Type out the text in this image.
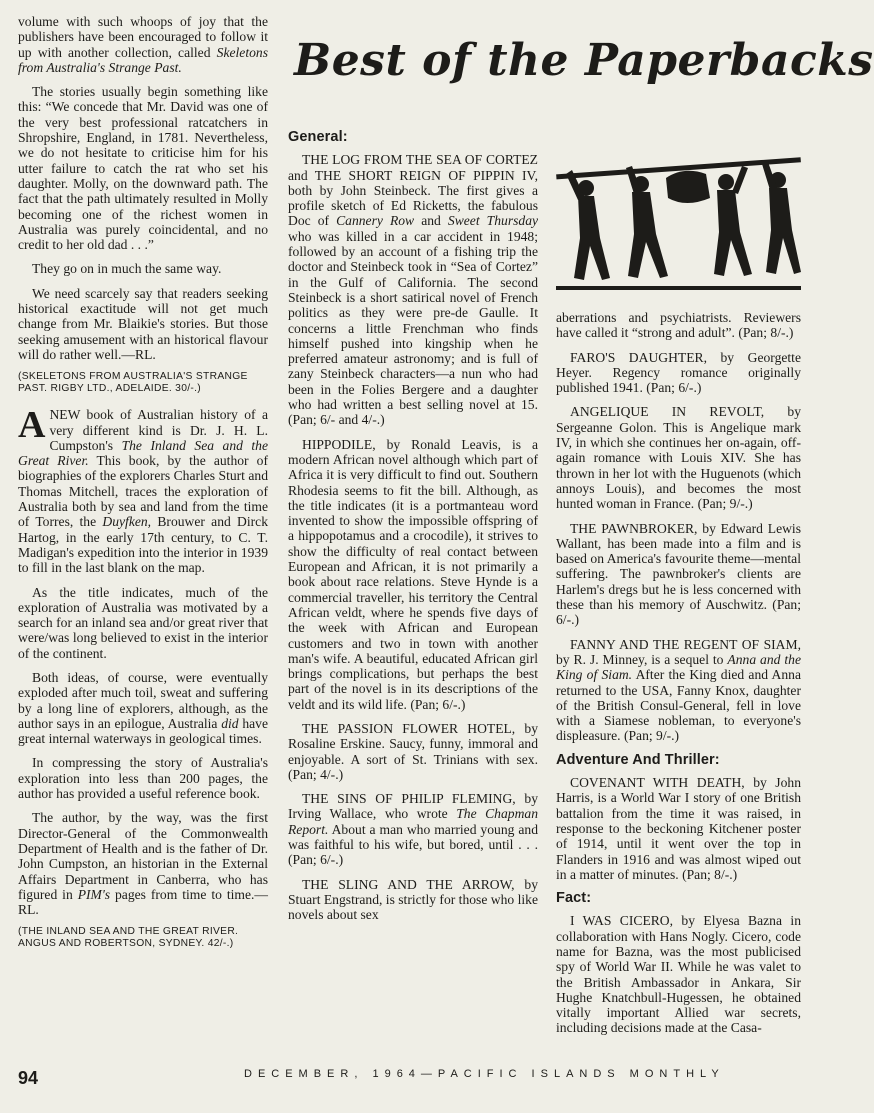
Best of the Paperbacks

volume with such whoops of joy that the publishers have been encouraged to follow it up with another collection, called Skeletons from Australia's Strange Past.

The stories usually begin something like this: “We concede that Mr. David was one of the very best professional ratcatchers in Shropshire, England, in 1781. Nevertheless, we do not hesitate to criticise him for his utter failure to catch the rat who set his daughter. Molly, on the downward path. The fact that the path ultimately resulted in Molly becoming one of the richest women in Australia was purely coincidental, and no credit to her old dad . . .”

They go on in much the same way.

We need scarcely say that readers seeking historical exactitude will not get much change from Mr. Blaikie's stories. But those seeking amusement with an historical flavour will do rather well.—RL.

(SKELETONS FROM AUSTRALIA'S STRANGE PAST. RIGBY LTD., ADELAIDE. 30/-.)

ANEW book of Australian history of a very different kind is Dr. J. H. L. Cumpston's The Inland Sea and the Great River. This book, by the author of biographies of the explorers Charles Sturt and Thomas Mitchell, traces the exploration of Australia both by sea and land from the time of Torres, the Duyfken, Brouwer and Dirck Hartog, in the early 17th century, to C. T. Madigan's expedition into the interior in 1939 to fill in the last blank on the map.

As the title indicates, much of the exploration of Australia was motivated by a search for an inland sea and/or great river that were/was long believed to exist in the interior of the continent.

Both ideas, of course, were eventually exploded after much toil, sweat and suffering by a long line of explorers, although, as the author says in an epilogue, Australia did have great internal waterways in geological times.

In compressing the story of Australia's exploration into less than 200 pages, the author has provided a useful reference book.

The author, by the way, was the first Director-General of the Commonwealth Department of Health and is the father of Dr. John Cumpston, an historian in the External Affairs Department in Canberra, who has figured in PIM's pages from time to time.—RL.

(THE INLAND SEA AND THE GREAT RIVER. ANGUS AND ROBERTSON, SYDNEY. 42/-.)
General:

THE LOG FROM THE SEA OF CORTEZ and THE SHORT REIGN OF PIPPIN IV, both by John Steinbeck. The first gives a profile sketch of Ed Ricketts, the fabulous Doc of Cannery Row and Sweet Thursday who was killed in a car accident in 1948; followed by an account of a fishing trip the doctor and Steinbeck took in “Sea of Cortez” in the Gulf of California. The second Steinbeck is a short satirical novel of French politics as they were pre-de Gaulle. It concerns a little Frenchman who finds himself pushed into kingship when he preferred amateur astronomy; and is full of zany Steinbeck characters—a nun who had been in the Folies Bergere and a daughter who had written a best selling novel at 15. (Pan; 6/- and 4/-.)

HIPPODILE, by Ronald Leavis, is a modern African novel although which part of Africa it is very difficult to find out. Southern Rhodesia seems to fit the bill. Although, as the title indicates (it is a portmanteau word invented to show the impossible offspring of a hippopotamus and a crocodile), it strives to show the difficulty of real contact between European and African, it is not primarily a book about race relations. Steve Hynde is a commercial traveller, his territory the Central African veldt, where he spends five days of the week with African and European customers and two in town with another man's wife. A beautiful, educated African girl brings complications, but perhaps the best part of the novel is in its descriptions of the veldt and its wild life. (Pan; 6/-.)

THE PASSION FLOWER HOTEL, by Rosaline Erskine. Saucy, funny, immoral and enjoyable. A sort of St. Trinians with sex. (Pan; 4/-.)

THE SINS OF PHILIP FLEMING, by Irving Wallace, who wrote The Chapman Report. About a man who married young and was faithful to his wife, but bored, until . . . (Pan; 6/-.)

THE SLING AND THE ARROW, by Stuart Engstrand, is strictly for those who like novels about sex

aberrations and psychiatrists. Reviewers have called it “strong and adult”. (Pan; 8/-.)

FARO'S DAUGHTER, by Georgette Heyer. Regency romance originally published 1941. (Pan; 6/-.)

ANGELIQUE IN REVOLT, by Sergeanne Golon. This is Angelique mark IV, in which she continues her on-again, off-again romance with Louis XIV. She has thrown in her lot with the Huguenots (which annoys Louis), and becomes the most hunted woman in France. (Pan; 9/-.)

THE PAWNBROKER, by Edward Lewis Wallant, has been made into a film and is based on America's favourite theme—mental suffering. The pawnbroker's clients are Harlem's dregs but he is less concerned with these than his memory of Auschwitz. (Pan; 6/-.)

FANNY AND THE REGENT OF SIAM, by R. J. Minney, is a sequel to Anna and the King of Siam. After the King died and Anna returned to the USA, Fanny Knox, daughter of the British Consul-General, fell in love with a Siamese nobleman, to everyone's displeasure. (Pan; 9/-.)

Adventure And Thriller:

COVENANT WITH DEATH, by John Harris, is a World War I story of one British battalion from the time it was raised, in response to the beckoning Kitchener poster of 1914, until it went over the top in Flanders in 1916 and was almost wiped out in a matter of minutes. (Pan; 8/-.)

Fact:

I WAS CICERO, by Elyesa Bazna in collaboration with Hans Nogly. Cicero, code name for Bazna, was the most publicised spy of World War II. While he was valet to the British Ambassador in Ankara, Sir Hughe Knatchbull-Hugessen, he obtained vitally important Allied war secrets, including decisions made at the Casa-

94	DECEMBER, 1964—PACIFIC ISLANDS MONTHLY
